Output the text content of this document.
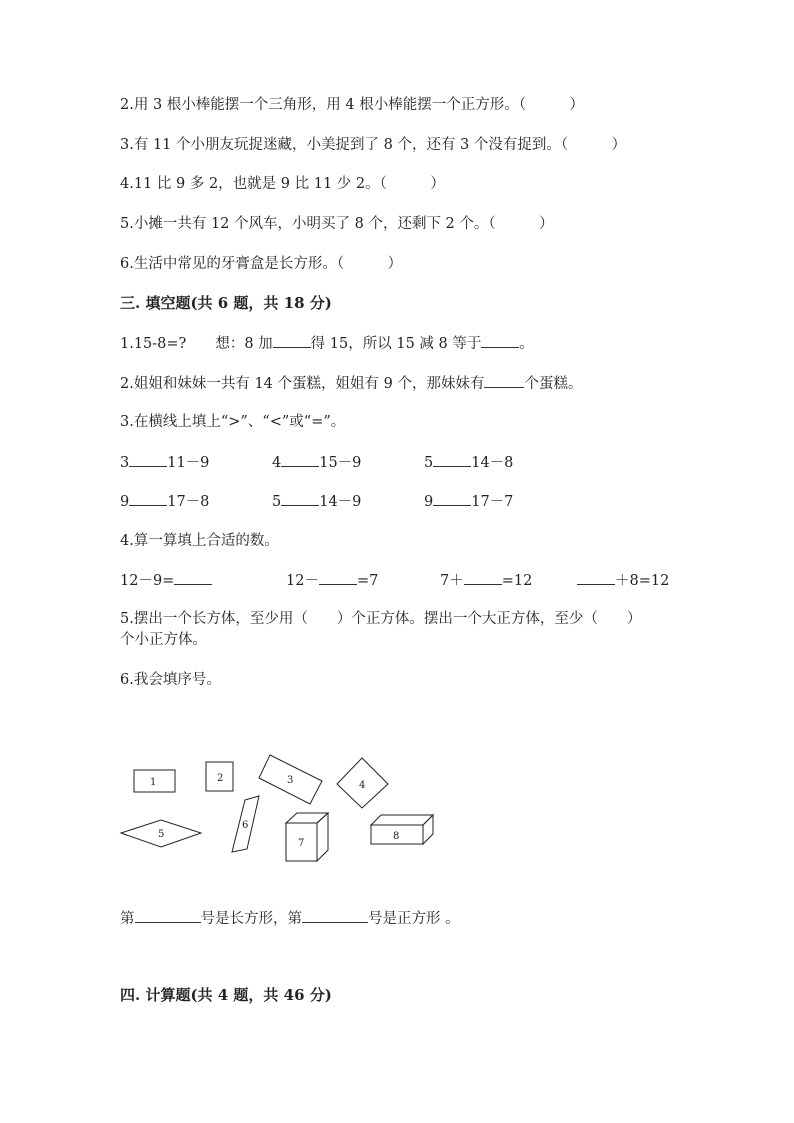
2.用 3 根小棒能摆一个三角形，用 4 根小棒能摆一个正方形。（　　　）
3.有 11 个小朋友玩捉迷藏，小美捉到了 8 个，还有 3 个没有捉到。（　　　）
4.11 比 9 多 2，也就是 9 比 11 少 2。（　　　）
5.小摊一共有 12 个风车，小明买了 8 个，还剩下 2 个。（　　　）
6.生活中常见的牙膏盒是长方形。（　　　）
三. 填空题(共 6 题，共 18 分)
1.15-8=?　　想：8 加	得 15，所以 15 减 8 等于	。
2.姐姐和妹妹一共有 14 个蛋糕，姐姐有 9 个，那妹妹有	个蛋糕。
3.在横线上填上“>”、“<”或“=”。
3	11－9	4	15－9	5	14－8
9	17－8	5	14－9	9	17－7
4.算一算填上合适的数。
12－9=	12－	=7	7＋	=12	＋8=12
5.摆出一个长方体，至少用（　　）个正方体。摆出一个大正方体，至少（　　）
个小正方体。
6.我会填序号。
1	2	3	4
5
6
7
8
第	号是长方形，第	号是正方形 。
四. 计算题(共 4 题，共 46 分)
